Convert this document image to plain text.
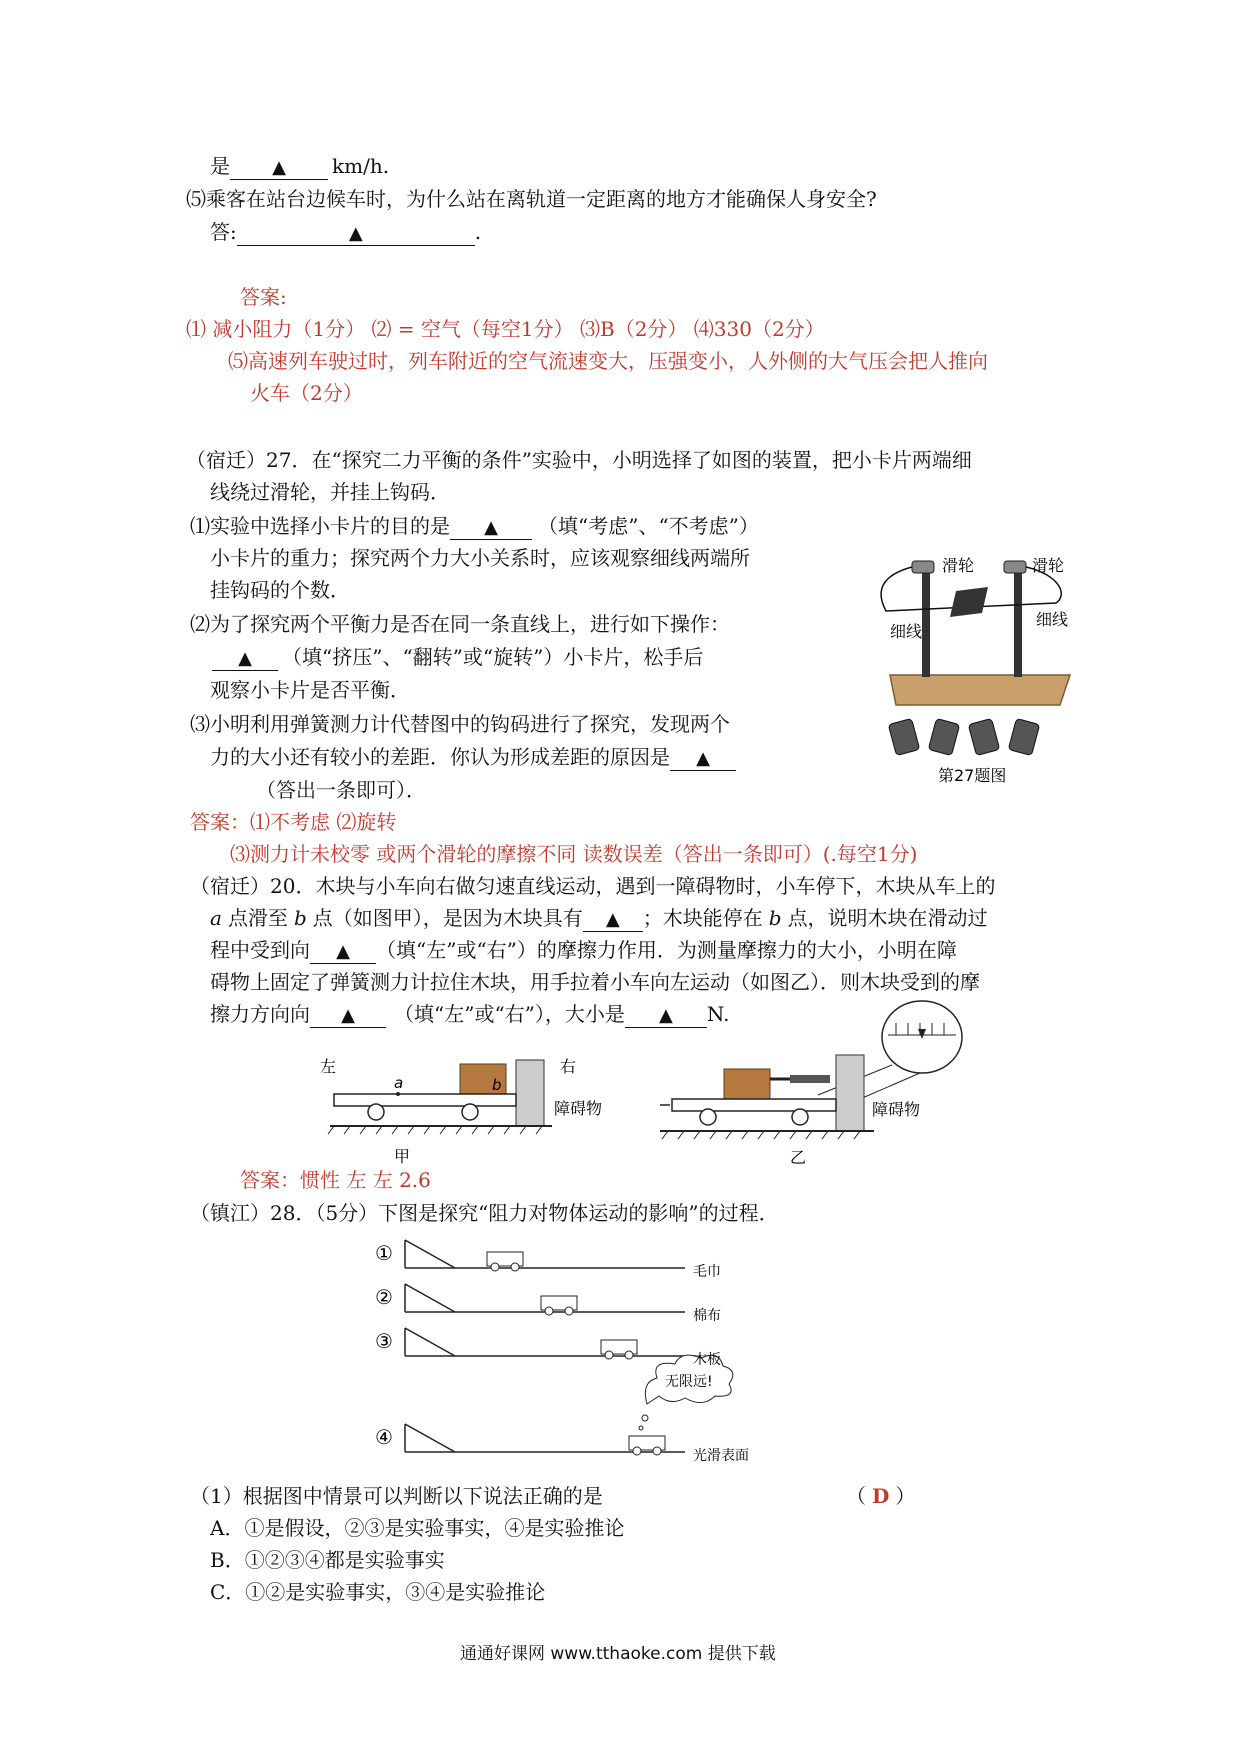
是 ▲ km/h.
⑸乘客在站台边候车时，为什么站在离轨道一定距离的地方才能确保人身安全?
答:	▲	.
答案:
⑴ 减小阻力（1分） ⑵ = 空气（每空1分） ⑶B（2分） ⑷330（2分）
⑸高速列车驶过时，列车附近的空气流速变大，压强变小，人外侧的大气压会把人推向
火车（2分）
（宿迁）27．在“探究二力平衡的条件”实验中，小明选择了如图的装置，把小卡片两端细
线绕过滑轮，并挂上钩码．
⑴实验中选择小卡片的目的是 ▲ （填“考虑”、“不考虑”）
小卡片的重力；探究两个力大小关系时，应该观察细线两端所
挂钩码的个数．
⑵为了探究两个平衡力是否在同一条直线上，进行如下操作：
▲ （填“挤压”、“翻转”或“旋转”）小卡片，松手后
观察小卡片是否平衡．
⑶小明利用弹簧测力计代替图中的钩码进行了探究，发现两个
力的大小还有较小的差距．你认为形成差距的原因是 ▲
（答出一条即可）．
滑轮	滑轮
细线
细线
第27题图
答案：⑴不考虑 ⑵旋转
⑶测力计未校零 或两个滑轮的摩擦不同 读数误差（答出一条即可）(.每空1分)
（宿迁）20．木块与小车向右做匀速直线运动，遇到一障碍物时，小车停下，木块从车上的
a 点滑至 b 点（如图甲），是因为木块具有 ▲ ；木块能停在 b 点，说明木块在滑动过
程中受到向 ▲ （填“左”或“右”）的摩擦力作用．为测量摩擦力的大小，小明在障
碍物上固定了弹簧测力计拉住木块，用手拉着小车向左运动（如图乙）．则木块受到的摩
擦力方向向 ▲ （填“左”或“右”），大小是 ▲ N.
左	右
a	b
障碍物
甲
障碍物
乙
答案：惯性 左 左 2.6
（镇江）28．（5分）下图是探究“阻力对物体运动的影响”的过程．
无限远!
①
②
③
④
毛巾
棉布
木板
光滑表面
（1）根据图中情景可以判断以下说法正确的是	（ D ）
A．①是假设，②③是实验事实，④是实验推论
B．①②③④都是实验事实
C．①②是实验事实，③④是实验推论
通通好课网 www.tthaoke.com 提供下载
